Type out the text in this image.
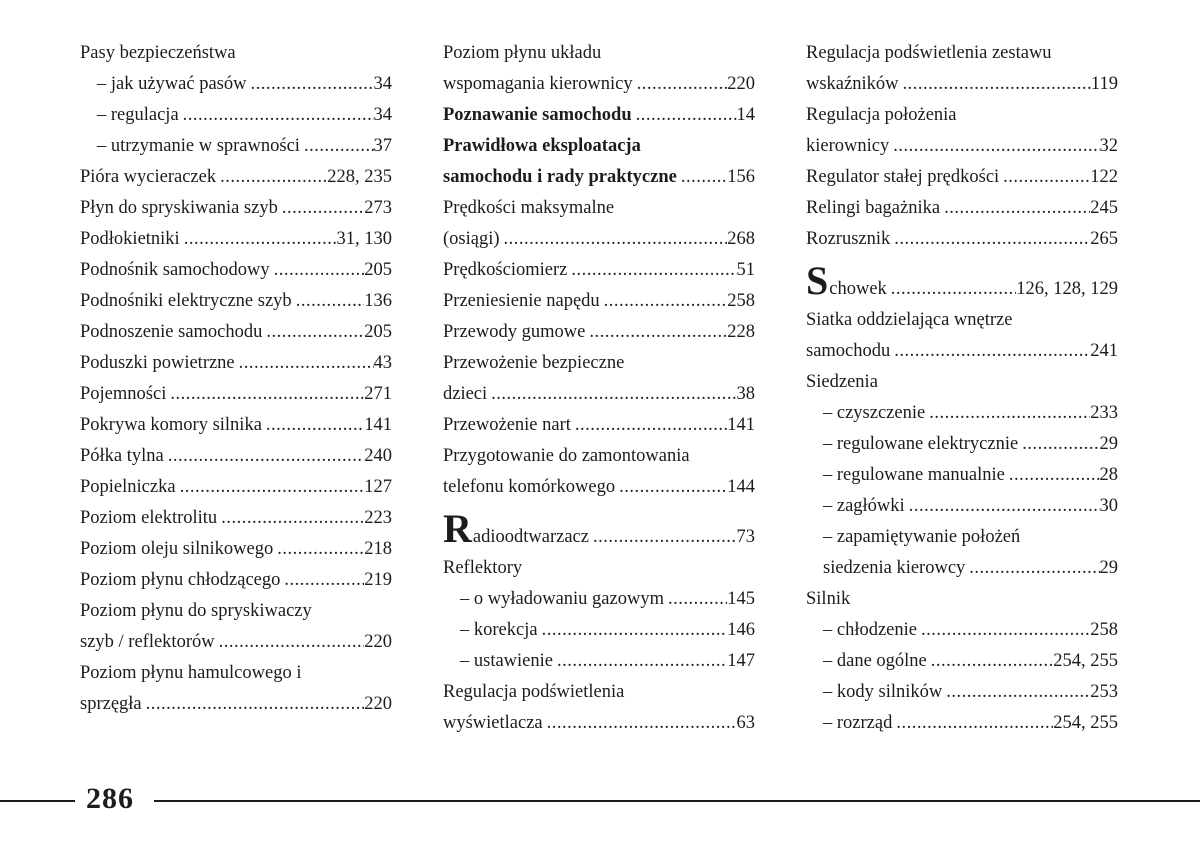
Pasy bezpieczeństwa
– jak używać pasów .....	34
– regulacja .....	34
– utrzymanie w sprawności .....	37
Pióra wycieraczek .....	228, 235
Płyn do spryskiwania szyb .....	273
Podłokietniki .....	31, 130
Podnośnik samochodowy .....	205
Podnośniki elektryczne szyb .....	136
Podnoszenie samochodu .....	205
Poduszki powietrzne .....	43
Pojemności .....	271
Pokrywa komory silnika .....	141
Półka tylna .....	240
Popielniczka .....	127
Poziom elektrolitu .....	223
Poziom oleju silnikowego .....	218
Poziom płynu chłodzącego .....	219
Poziom płynu do spryskiwaczy
szyb / reflektorów .....	220
Poziom płynu hamulcowego i
sprzęgła .....	220
Poziom płynu układu
wspomagania kierownicy .....	220
Poznawanie samochodu .....	14
Prawidłowa eksploatacja
samochodu i rady praktyczne .....	156
Prędkości maksymalne
(osiągi) .....	268
Prędkościomierz .....	51
Przeniesienie napędu .....	258
Przewody gumowe .....	228
Przewożenie bezpieczne
dzieci .....	38
Przewożenie nart .....	141
Przygotowanie do zamontowania
telefonu komórkowego .....	144
Radioodtwarzacz .....	73
Reflektory
– o wyładowaniu gazowym .....	145
– korekcja .....	146
– ustawienie .....	147
Regulacja podświetlenia
wyświetlacza .....	63
Regulacja podświetlenia zestawu
wskaźników .....	119
Regulacja położenia
kierownicy .....	32
Regulator stałej prędkości .....	122
Relingi bagażnika .....	245
Rozrusznik .....	265
Schowek .....	126, 128, 129
Siatka oddzielająca wnętrze
samochodu .....	241
Siedzenia
– czyszczenie .....	233
– regulowane elektrycznie .....	29
– regulowane manualnie .....	28
– zagłówki .....	30
– zapamiętywanie położeń
siedzenia kierowcy .....	29
Silnik
– chłodzenie .....	258
– dane ogólne .....	254, 255
– kody silników .....	253
– rozrząd .....	254, 255
286
